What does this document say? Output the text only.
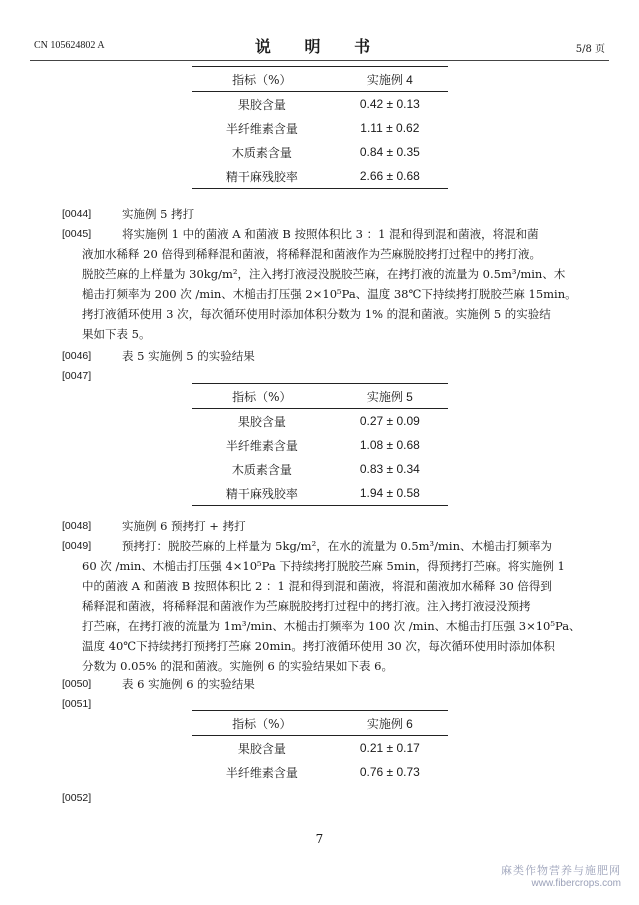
CN 105624802 A	说 明 书	5/8 页
指标（%）	实施例 4
果胶含量	0.42 ± 0.13
半纤维素含量	1.11 ± 0.62
木质素含量	0.84 ± 0.35
精干麻残胶率	2.66 ± 0.68
[0044]	实施例 5 拷打
[0045]	将实施例 1 中的菌液 A 和菌液 B 按照体积比 3 ：1 混和得到混和菌液，将混和菌
液加水稀释 20 倍得到稀释混和菌液，将稀释混和菌液作为苎麻脱胶拷打过程中的拷打液。
脱胶苎麻的上样量为 30kg/m²，注入拷打液浸没脱胶苎麻，在拷打液的流量为 0.5m³/min、木
槌击打频率为 200 次 /min、木槌击打压强 2×10⁵Pa、温度 38℃下持续拷打脱胶苎麻 15min。
拷打液循环使用 3 次，每次循环使用时添加体积分数为 1% 的混和菌液。实施例 5 的实验结
果如下表 5。
[0046]	表 5 实施例 5 的实验结果
[0047]
指标（%）	实施例 5
果胶含量	0.27 ± 0.09
半纤维素含量	1.08 ± 0.68
木质素含量	0.83 ± 0.34
精干麻残胶率	1.94 ± 0.58
[0048]	实施例 6 预拷打 + 拷打
[0049]	预拷打：脱胶苎麻的上样量为 5kg/m²，在水的流量为 0.5m³/min、木槌击打频率为
60 次 /min、木槌击打压强 4×10⁵Pa 下持续拷打脱胶苎麻 5min，得预拷打苎麻。将实施例 1
中的菌液 A 和菌液 B 按照体积比 2 ：1 混和得到混和菌液，将混和菌液加水稀释 30 倍得到
稀释混和菌液，将稀释混和菌液作为苎麻脱胶拷打过程中的拷打液。注入拷打液浸没预拷
打苎麻，在拷打液的流量为 1m³/min、木槌击打频率为 100 次 /min、木槌击打压强 3×10⁵Pa、
温度 40℃下持续拷打预拷打苎麻 20min。拷打液循环使用 30 次，每次循环使用时添加体积
分数为 0.05% 的混和菌液。实施例 6 的实验结果如下表 6。
[0050]	表 6 实施例 6 的实验结果
[0051]
指标（%）	实施例 6
果胶含量	0.21 ± 0.17
半纤维素含量	0.76 ± 0.73
[0052]
7
麻类作物营养与施肥网
www.fibercrops.com
